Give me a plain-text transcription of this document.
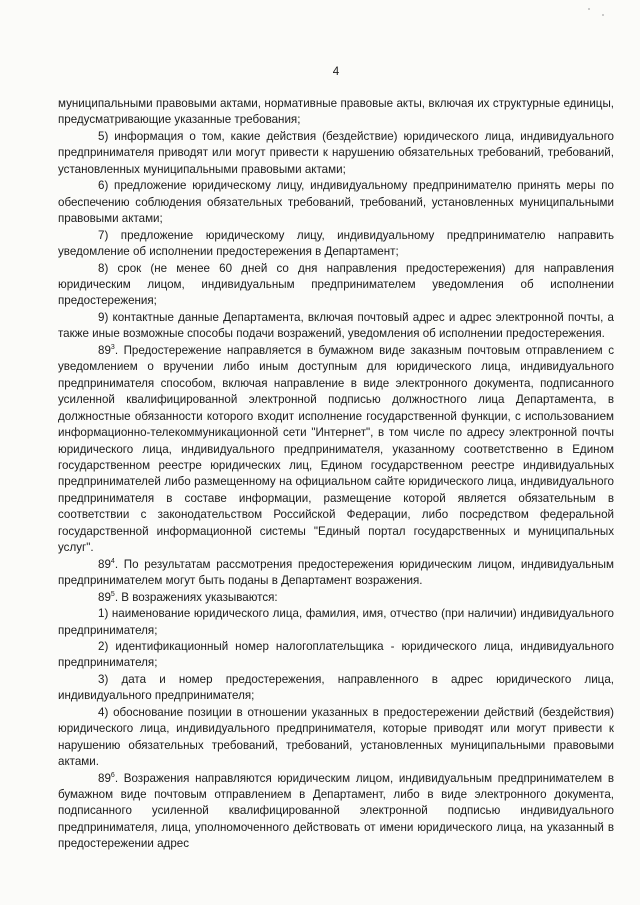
4

муниципальными правовыми актами, нормативные правовые акты, включая их структурные единицы, предусматривающие указанные требования;

5) информация о том, какие действия (бездействие) юридического лица, индивидуального предпринимателя приводят или могут привести к нарушению обязательных требований, требований, установленных муниципальными правовыми актами;

6) предложение юридическому лицу, индивидуальному предпринимателю принять меры по обеспечению соблюдения обязательных требований, требований, установленных муниципальными правовыми актами;

7) предложение юридическому лицу, индивидуальному предпринимателю направить уведомление об исполнении предостережения в Департамент;

8) срок (не менее 60 дней со дня направления предостережения) для направления юридическим лицом, индивидуальным предпринимателем уведомления об исполнении предостережения;

9) контактные данные Департамента, включая почтовый адрес и адрес электронной почты, а также иные возможные способы подачи возражений, уведомления об исполнении предостережения.

$89^3$. Предостережение направляется в бумажном виде заказным почтовым отправлением с уведомлением о вручении либо иным доступным для юридического лица, индивидуального предпринимателя способом, включая направление в виде электронного документа, подписанного усиленной квалифицированной электронной подписью должностного лица Департамента, в должностные обязанности которого входит исполнение государственной функции, с использованием информационно-телекоммуникационной сети "Интернет", в том числе по адресу электронной почты юридического лица, индивидуального предпринимателя, указанному соответственно в Едином государственном реестре юридических лиц, Едином государственном реестре индивидуальных предпринимателей либо размещенному на официальном сайте юридического лица, индивидуального предпринимателя в составе информации, размещение которой является обязательным в соответствии с законодательством Российской Федерации, либо посредством федеральной государственной информационной системы "Единый портал государственных и муниципальных услуг".

$89^4$. По результатам рассмотрения предостережения юридическим лицом, индивидуальным предпринимателем могут быть поданы в Департамент возражения.

$89^5$. В возражениях указываются:

1) наименование юридического лица, фамилия, имя, отчество (при наличии) индивидуального предпринимателя;

2) идентификационный номер налогоплательщика - юридического лица, индивидуального предпринимателя;

3) дата и номер предостережения, направленного в адрес юридического лица, индивидуального предпринимателя;

4) обоснование позиции в отношении указанных в предостережении действий (бездействия) юридического лица, индивидуального предпринимателя, которые приводят или могут привести к нарушению обязательных требований, требований, установленных муниципальными правовыми актами.

$89^6$. Возражения направляются юридическим лицом, индивидуальным предпринимателем в бумажном виде почтовым отправлением в Департамент, либо в виде электронного документа, подписанного усиленной квалифицированной электронной подписью индивидуального предпринимателя, лица, уполномоченного действовать от имени юридического лица, на указанный в предостережении адрес
